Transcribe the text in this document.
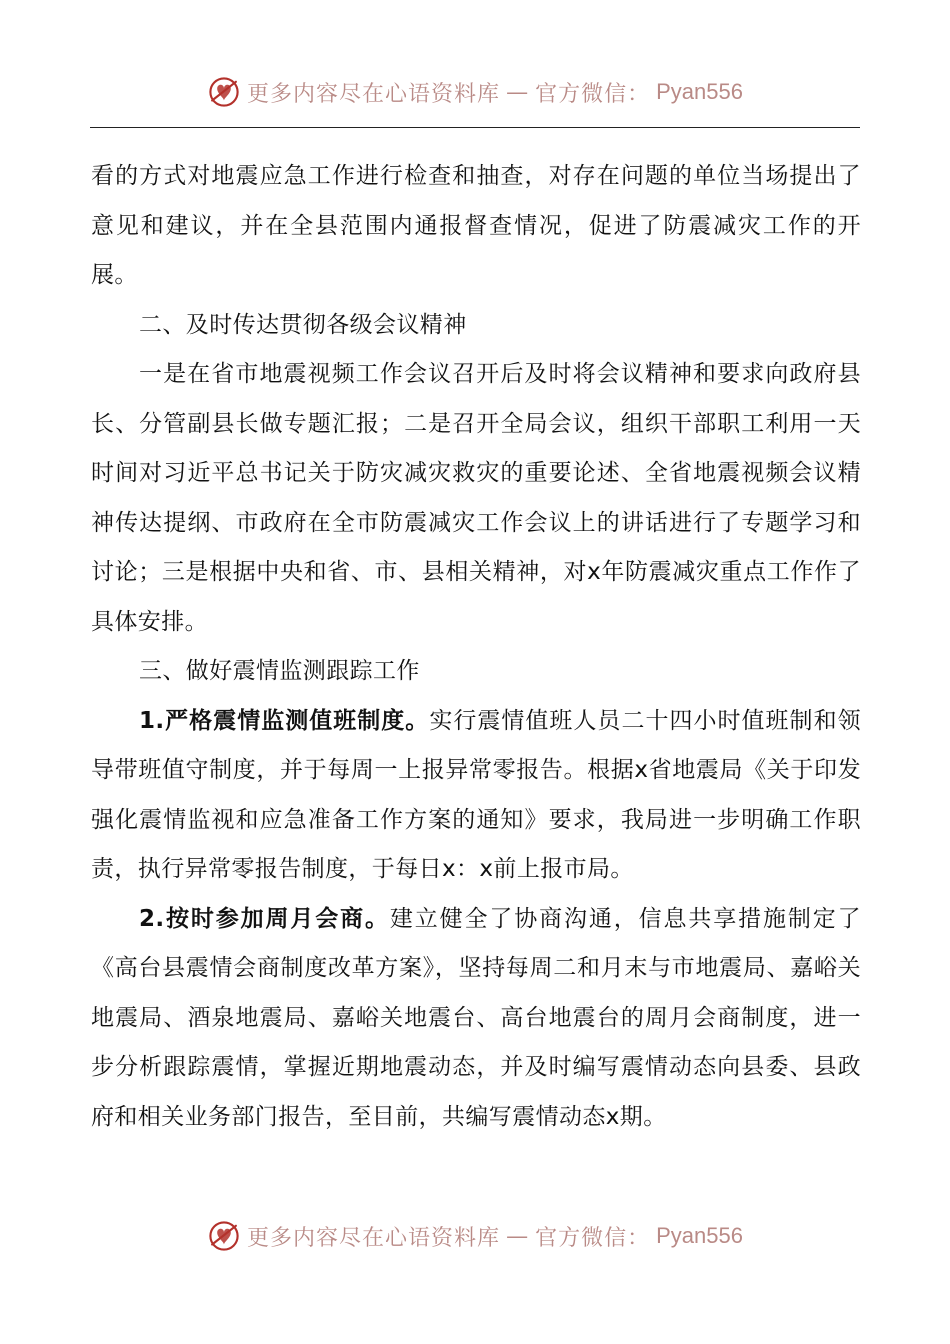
更多内容尽在心语资料库 — 官方微信： Pyan556

看的方式对地震应急工作进行检查和抽查，对存在问题的单位当场提出了意见和建议，并在全县范围内通报督查情况，促进了防震减灾工作的开展。

二、及时传达贯彻各级会议精神

一是在省市地震视频工作会议召开后及时将会议精神和要求向政府县长、分管副县长做专题汇报；二是召开全局会议，组织干部职工利用一天时间对习近平总书记关于防灾减灾救灾的重要论述、全省地震视频会议精神传达提纲、市政府在全市防震减灾工作会议上的讲话进行了专题学习和讨论；三是根据中央和省、市、县相关精神，对x年防震减灾重点工作作了具体安排。

三、做好震情监测跟踪工作

1.严格震情监测值班制度。实行震情值班人员二十四小时值班制和领导带班值守制度，并于每周一上报异常零报告。根据x省地震局《关于印发强化震情监视和应急准备工作方案的通知》要求，我局进一步明确工作职责，执行异常零报告制度，于每日x：x前上报市局。

2.按时参加周月会商。建立健全了协商沟通，信息共享措施制定了《高台县震情会商制度改革方案》，坚持每周二和月末与市地震局、嘉峪关地震局、酒泉地震局、嘉峪关地震台、高台地震台的周月会商制度，进一步分析跟踪震情，掌握近期地震动态，并及时编写震情动态向县委、县政府和相关业务部门报告，至目前，共编写震情动态x期。

更多内容尽在心语资料库 — 官方微信： Pyan556
